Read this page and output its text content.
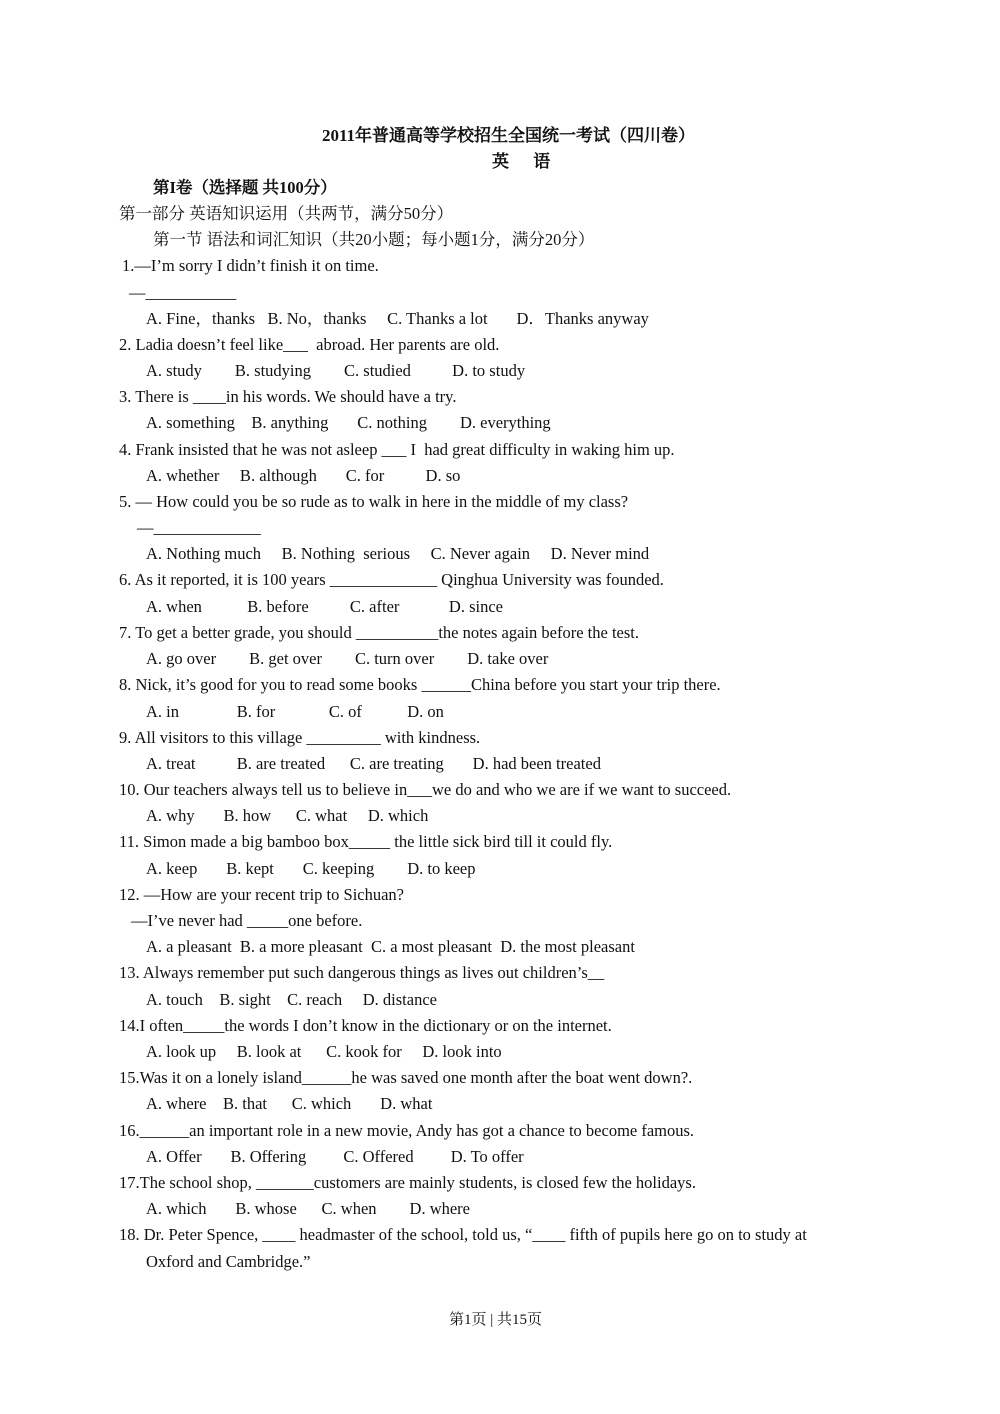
2011年普通高等学校招生全国统一考试（四川卷）
英 语
第I卷（选择题 共100分）
第一部分 英语知识运用（共两节，满分50分）
第一节 语法和词汇知识（共20小题；每小题1分，满分20分）
1.—I’m sorry I didn’t finish it on time.
—___________
A. Fine，thanks   B. No，thanks     C. Thanks a lot       D．Thanks anyway
2. Ladia doesn’t feel like___  abroad. Her parents are old.
A. study        B. studying        C. studied          D. to study
3. There is ____in his words. We should have a try.
A. something    B. anything       C. nothing        D. everything
4. Frank insisted that he was not asleep ___ I  had great difficulty in waking him up.
A. whether     B. although       C. for          D. so
5. — How could you be so rude as to walk in here in the middle of my class?
—_____________
A. Nothing much     B. Nothing  serious     C. Never again     D. Never mind
6. As it reported, it is 100 years _____________ Qinghua University was founded.
A. when           B. before          C. after            D. since
7. To get a better grade, you should __________the notes again before the test.
A. go over        B. get over        C. turn over        D. take over
8. Nick, it’s good for you to read some books ______China before you start your trip there.
A. in              B. for             C. of           D. on
9. All visitors to this village _________ with kindness.
A. treat          B. are treated      C. are treating       D. had been treated
10. Our teachers always tell us to believe in___we do and who we are if we want to succeed.
A. why       B. how      C. what     D. which
11. Simon made a big bamboo box_____ the little sick bird till it could fly.
A. keep       B. kept       C. keeping        D. to keep
12. —How are your recent trip to Sichuan?
—I’ve never had _____one before.
A. a pleasant  B. a more pleasant  C. a most pleasant  D. the most pleasant
13. Always remember put such dangerous things as lives out children’s__
A. touch    B. sight    C. reach     D. distance
14.I often_____the words I don’t know in the dictionary or on the internet.
A. look up     B. look at      C. kook for     D. look into
15.Was it on a lonely island______he was saved one month after the boat went down?.
A. where    B. that      C. which       D. what
16.______an important role in a new movie, Andy has got a chance to become famous.
A. Offer       B. Offering         C. Offered         D. To offer
17.The school shop, _______customers are mainly students, is closed few the holidays.
A. which       B. whose      C. when        D. where
18. Dr. Peter Spence, ____ headmaster of the school, told us, “____ fifth of pupils here go on to study at
Oxford and Cambridge.”
第1页 | 共15页
